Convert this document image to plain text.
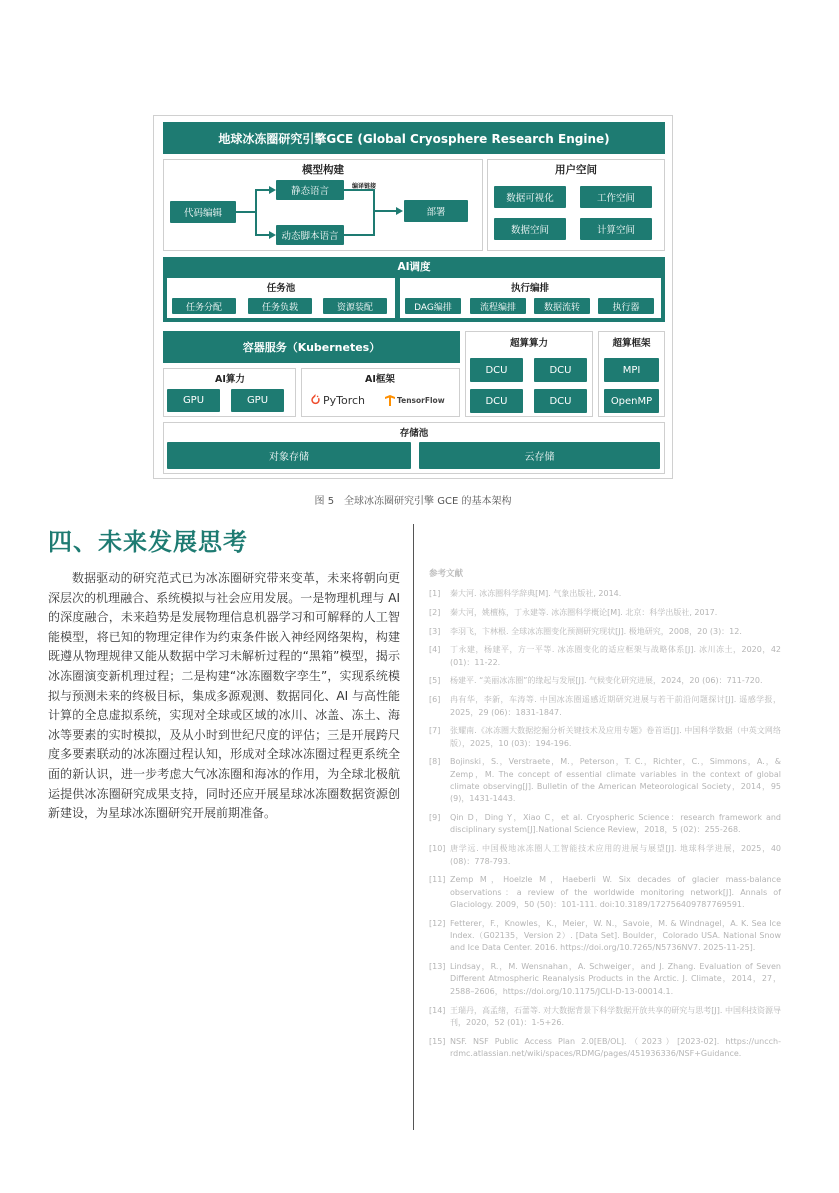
地球冰冻圈研究引擎GCE (Global Cryosphere Research Engine)
模型构建
代码编辑
静态语言
动态脚本语言
编译链接
部署
用户空间
数据可视化	工作空间
数据空间	计算空间
AI调度
任务池
任务分配	任务负载	资源装配
执行编排
DAG编排	流程编排	数据流转	执行器
容器服务（Kubernetes）
AI算力
GPU	GPU
AI框架
PyTorch	TensorFlow
超算算力
DCU	DCU
DCU	DCU
超算框架
MPI
OpenMP
存储池
对象存储	云存储
图 5　全球冰冻圈研究引擎 GCE 的基本架构
四、未来发展思考
数据驱动的研究范式已为冰冻圈研究带来变革，未来将朝向更深层次的机理融合、系统模拟与社会应用发展。一是物理机理与 AI 的深度融合，未来趋势是发展物理信息机器学习和可解释的人工智能模型，将已知的物理定律作为约束条件嵌入神经网络架构，构建既遵从物理规律又能从数据中学习未解析过程的“黑箱”模型，揭示冰冻圈演变新机理过程；二是构建“冰冻圈数字孪生”，实现系统模拟与预测未来的终极目标，集成多源观测、数据同化、AI 与高性能计算的全息虚拟系统，实现对全球或区域的冰川、冰盖、冻土、海冰等要素的实时模拟，及从小时到世纪尺度的评估；三是开展跨尺度多要素联动的冰冻圈过程认知，形成对全球冰冻圈过程更系统全面的新认识，进一步考虑大气冰冻圈和海冰的作用，为全球北极航运提供冰冻圈研究成果支持，同时还应开展星球冰冻圈数据资源创新建设，为星球冰冻圈研究开展前期准备。
参考文献
[1]	秦大河. 冰冻圈科学辞典[M]. 气象出版社, 2014.
[2]	秦大河，姚檀栋，丁永建等. 冰冻圈科学概论[M]. 北京：科学出版社, 2017.
[3]	李羽飞，卞林根. 全球冰冻圈变化预测研究现状[J]. 极地研究，2008，20 (3)：12.
[4]	丁永建，杨建平，方一平等. 冰冻圈变化的适应框架与战略体系[J]. 冰川冻土，2020，42 (01)：11-22.
[5]	杨建平. “美丽冰冻圈”的缘起与发展[J]. 气候变化研究进展，2024，20 (06)：711-720.
[6]	冉有华，李新，车涛等. 中国冰冻圈遥感近期研究进展与若干前沿问题探讨[J]. 遥感学报，2025，29 (06)：1831-1847.
[7]	张耀南.《冰冻圈大数据挖掘分析关键技术及应用专题》卷首语[J]. 中国科学数据（中英文网络版），2025，10 (03)：194-196.
[8]	Bojinski，S.，Verstraete，M.，Peterson，T. C.，Richter，C.，Simmons，A.，& Zemp，M. The concept of essential climate variables in the context of global climate observing[J]. Bulletin of the American Meteorological Society，2014，95 (9)，1431-1443.
[9]	Qin D，Ding Y，Xiao C，et al. Cryospheric Science：research framework and disciplinary system[J].National Science Review，2018，5 (02)：255-268.
[10] 唐学远. 中国极地冰冻圈人工智能技术应用的进展与展望[J]. 地球科学进展，2025，40 (08)：778-793.
[11] Zemp M，Hoelzle M，Haeberli W. Six decades of glacier mass-balance observations：a review of the worldwide monitoring network[J]. Annals of Glaciology. 2009，50 (50)：101-111. doi:10.3189/172756409787769591.
[12] Fetterer，F.，Knowles，K.，Meier，W. N.，Savoie，M. & Windnagel，A. K. Sea Ice Index.（G02135，Version 2）. [Data Set]. Boulder，Colorado USA. National Snow and Ice Data Center. 2016. https://doi.org/10.7265/N5736NV7. 2025-11-25].
[13] Lindsay，R.，M. Wensnahan，A. Schweiger，and J. Zhang. Evaluation of Seven Different Atmospheric Reanalysis Products in the Arctic. J. Climate，2014，27，2588–2606，https://doi.org/10.1175/JCLI-D-13-00014.1.
[14] 王瑞丹，高孟绪，石蕾等. 对大数据背景下科学数据开放共享的研究与思考[J]. 中国科技资源导刊，2020，52 (01)：1-5+26.
[15] NSF. NSF Public Access Plan 2.0[EB/OL].（2023）[2023-02]. https://uncch-rdmc.atlassian.net/wiki/spaces/RDMG/pages/451936336/NSF+Guidance.
